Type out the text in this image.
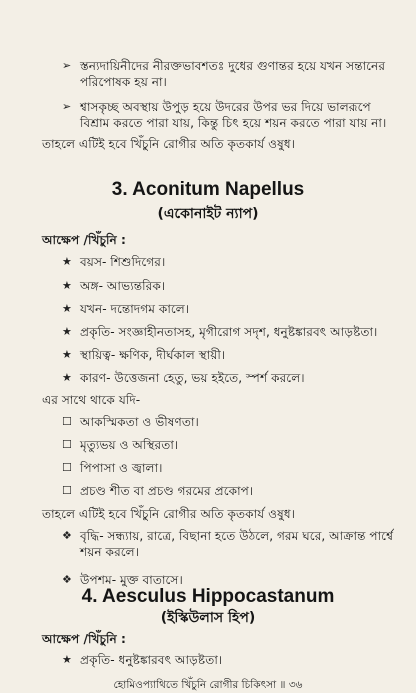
➢
স্তন্যদায়িনীদের নীরক্তভাবশতঃ দুধের গুণান্তর হয়ে যখন সন্তানের পরিপোষক হয় না।
➢
শ্বাসকৃচ্ছ অবস্থায় উপুড় হয়ে উদরের উপর ভর দিয়ে ভালরূপে বিশ্রাম করতে পারা যায়, কিন্তু চিৎ হয়ে শয়ন করতে পারা যায় না।
তাহলে এটিই হবে খিঁচুনি রোগীর অতি কৃতকার্য ওষুধ।
3. Aconitum Napellus
(একোনাইট ন্যাপ)
আক্ষেপ /খিঁচুনি :
★
বয়স- শিশুদিগের।
★
অঙ্গ- আভ্যন্তরিক।
★
যখন- দন্তোদগম কালে।
★
প্রকৃতি- সংজ্ঞাহীনতাসহ, মৃগীরোগ সদৃশ, ধনুষ্টঙ্কারবৎ আড়ষ্টতা।
★
স্থায়িত্ব- ক্ষণিক, দীর্ঘকাল স্থায়ী।
★
কারণ- উত্তেজনা হেতু, ভয় হইতে, স্পর্শ করলে।
এর সাথে থাকে যদি-
☐
আকস্মিকতা ও ভীষণতা।
☐
মৃত্যুভয় ও অস্থিরতা।
☐
পিপাসা ও জ্বালা।
☐
প্রচণ্ড শীত বা প্রচণ্ড গরমের প্রকোপ।
তাহলে এটিই হবে খিঁচুনি রোগীর অতি কৃতকার্য ওষুধ।
❖
বৃদ্ধি- সন্ধ্যায়, রাত্রে, বিছানা হতে উঠলে, গরম ঘরে, আক্রান্ত পার্শ্বে শয়ন করলে।
❖
উপশম- মুক্ত বাতাসে।
4. Aesculus Hippocastanum
(ইস্কিউলাস হিপ)
আক্ষেপ /খিঁচুনি :
★
প্রকৃতি- ধনুষ্টঙ্কারবৎ আড়ষ্টতা।
হোমিওপ্যাথিতে খিঁচুনি রোগীর চিকিৎসা ॥ ৩৬
